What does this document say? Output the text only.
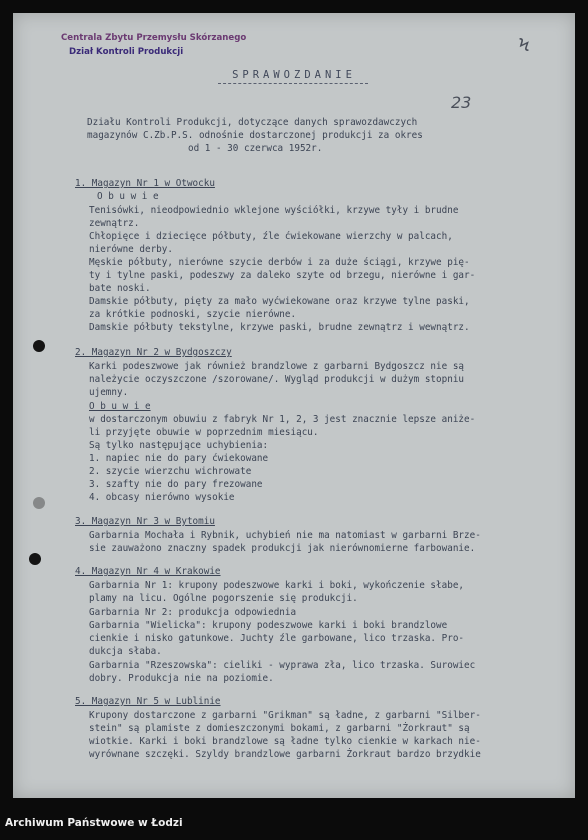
Centrala Zbytu Przemysłu Skórzanego
Dział Kontroli Produkcji	Ϟ
23
SPRAWOZDANIE
Działu Kontroli Produkcji, dotyczące danych sprawozdawczych
magazynów C.Zb.P.S. odnośnie dostarczonej produkcji za okres
od 1 - 30 czerwca 1952r.
1. Magazyn Nr 1 w Otwocku
O b u w i e
Tenisówki, nieodpowiednio wklejone wyściółki, krzywe tyły i brudne
zewnątrz.
Chłopięce i dziecięce półbuty, źle ćwiekowane wierzchy w palcach,
nierówne derby.
Męskie półbuty, nierówne szycie derbów i za duże ściągi, krzywe pię-
ty i tylne paski, podeszwy za daleko szyte od brzegu, nierówne i gar-
bate noski.
Damskie półbuty, pięty za mało wyćwiekowane oraz krzywe tylne paski,
za krótkie podnoski, szycie nierówne.
Damskie półbuty tekstylne, krzywe paski, brudne zewnątrz i wewnątrz.
2. Magazyn Nr 2 w Bydgoszczy
Karki podeszwowe jak również brandzlowe z garbarni Bydgoszcz nie są
należycie oczyszczone /szorowane/. Wygląd produkcji w dużym stopniu
ujemny.
O b u w i e
w dostarczonym obuwiu z fabryk Nr 1, 2, 3 jest znacznie lepsze aniże-
li przyjęte obuwie w poprzednim miesiącu.
Są tylko następujące uchybienia:
1. napiec nie do pary ćwiekowane
2. szycie wierzchu wichrowate
3. szafty nie do pary frezowane
4. obcasy nierówno wysokie
3. Magazyn Nr 3 w Bytomiu
Garbarnia Mochała i Rybnik, uchybień nie ma natomiast w garbarni Brze-
sie zauważono znaczny spadek produkcji jak nierównomierne farbowanie.
4. Magazyn Nr 4 w Krakowie
Garbarnia Nr 1: krupony podeszwowe karki i boki, wykończenie słabe,
plamy na licu. Ogólne pogorszenie się produkcji.
Garbarnia Nr 2: produkcja odpowiednia
Garbarnia "Wielicka": krupony podeszwowe karki i boki brandzlowe
cienkie i nisko gatunkowe. Juchty źle garbowane, lico trzaska. Pro-
dukcja słaba.
Garbarnia "Rzeszowska": cieliki - wyprawa zła, lico trzaska. Surowiec
dobry. Produkcja nie na poziomie.
5. Magazyn Nr 5 w Lublinie
Krupony dostarczone z garbarni "Grikman" są ładne, z garbarni "Silber-
stein" są plamiste z domieszczonymi bokami, z garbarni "Żorkraut" są
wiotkie. Karki i boki brandzlowe są ładne tylko cienkie w karkach nie-
wyrównane szczęki. Szyldy brandzlowe garbarni Żorkraut bardzo brzydkie
Archiwum Państwowe w Łodzi
